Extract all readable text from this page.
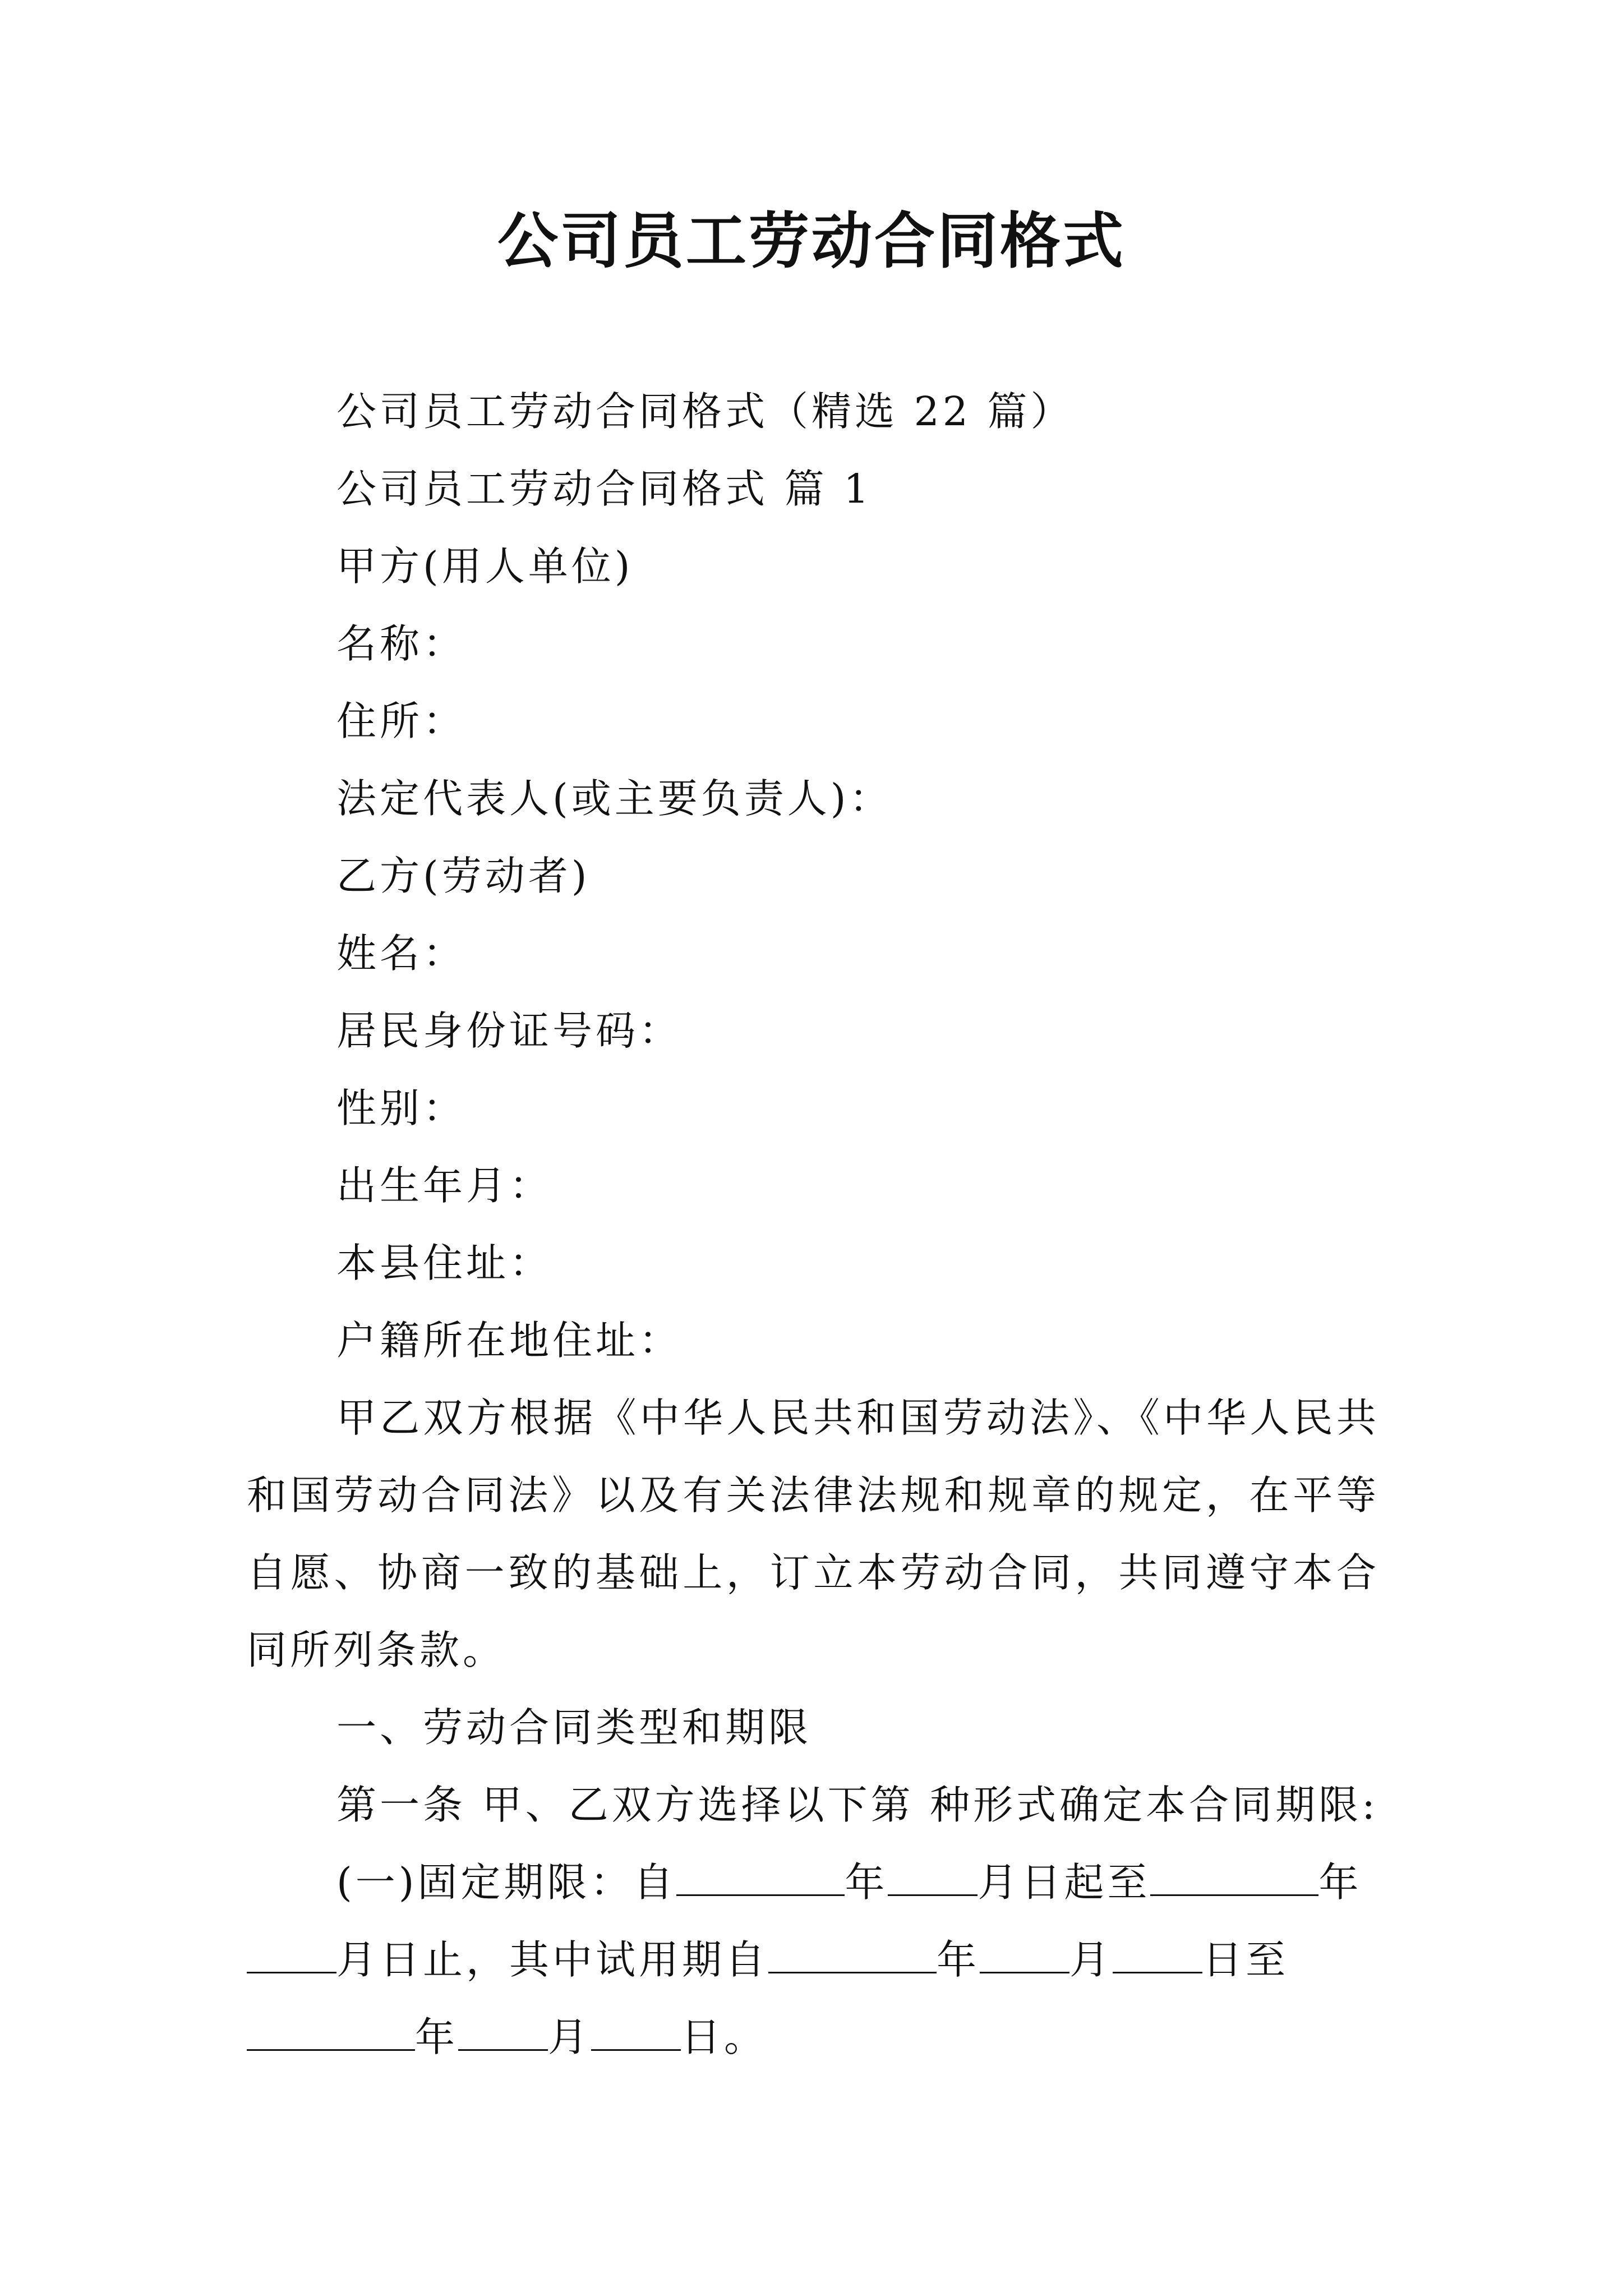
公司员工劳动合同格式
公司员工劳动合同格式（精选 22 篇）
公司员工劳动合同格式 篇 1
甲方(用人单位)
名称：
住所：
法定代表人(或主要负责人)：
乙方(劳动者)
姓名：
居民身份证号码：
性别：
出生年月：
本县住址：
户籍所在地住址：
甲乙双方根据《中华人民共和国劳动法》、《中华人民共和国劳动合同法》以及有关法律法规和规章的规定，在平等自愿、协商一致的基础上，订立本劳动合同，共同遵守本合同所列条款。
一、劳动合同类型和期限
第一条 甲、乙双方选择以下第 种形式确定本合同期限:
(一)固定期限：自	年 月日起至	年
月日止，其中试用期自	年 月 日至
年 月 日。
